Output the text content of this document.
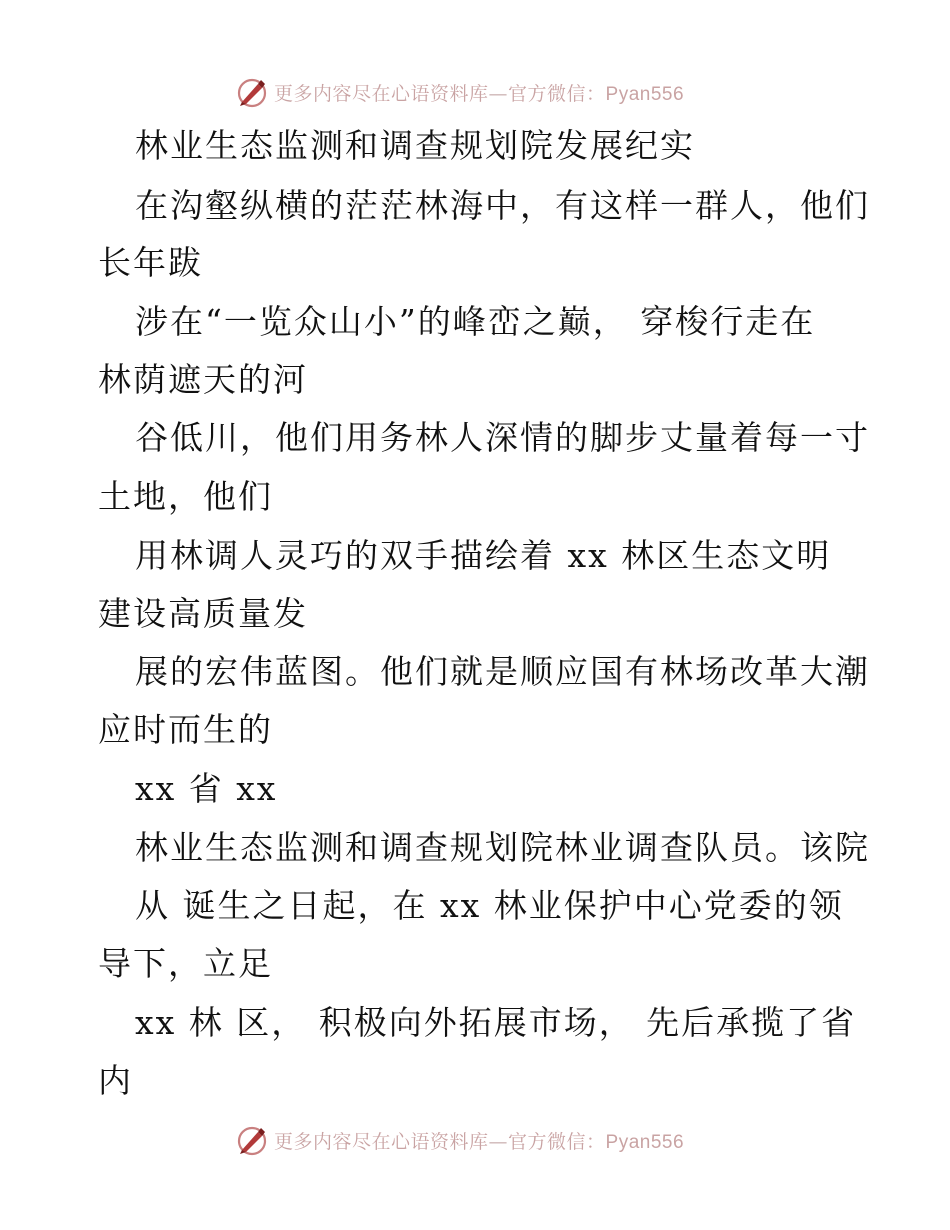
更多内容尽在心语资料库—官方微信：Pyan556
林业生态监测和调查规划院发展纪实
在沟壑纵横的茫茫林海中，有这样一群人，他们
长年跋
涉在“一览众山小”的峰峦之巅， 穿梭行走在
林荫遮天的河
谷低川，他们用务林人深情的脚步丈量着每一寸
土地，他们
用林调人灵巧的双手描绘着 xx 林区生态文明
建设高质量发
展的宏伟蓝图。他们就是顺应国有林场改革大潮
应时而生的
xx 省 xx
林业生态监测和调查规划院林业调查队员。该院
从 诞生之日起，在 xx 林业保护中心党委的领
导下，立足
xx 林 区， 积极向外拓展市场， 先后承揽了省
内
更多内容尽在心语资料库—官方微信：Pyan556
